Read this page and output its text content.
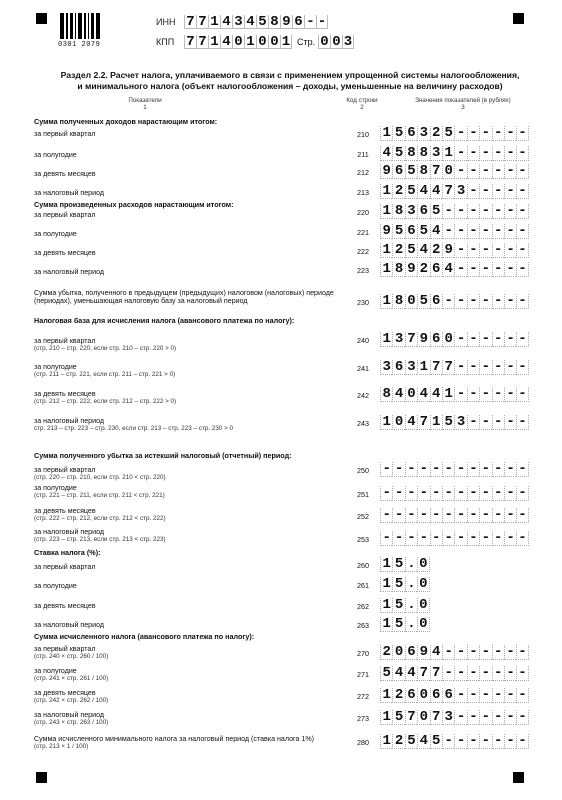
0301 2079
ИНН 7 7 1 4 3 4 5 8 9 6 - -
КПП 7 7 1 4 0 1 0 0 1 Стр. 0 0 3
Раздел 2.2. Расчет налога, уплачиваемого в связи с применением упрощенной системы налогообложения,
и минимального налога (объект налогообложения – доходы, уменьшенные на величину расходов)
Показатели
1
Код строки
2
Значения показателей (в рублях)
3
Сумма полученных доходов нарастающим итогом:
Сумма произведенных расходов нарастающим итогом:
Налоговая база для исчисления налога (авансового платежа по налогу):
Сумма полученного убытка за истекший налоговый (отчетный) период:
Ставка налога (%):
Сумма исчисленного налога (авансового платежа по налогу):
за первый квартал	210 1 5 6 3 2 5 - - - - - -
за полугодие	211 4 5 8 8 3 1 - - - - - -
за девять месяцев	212 9 6 5 8 7 0 - - - - - -
за налоговый период	213 1 2 5 4 4 7 3 - - - - -
за первый квартал	220 1 8 3 6 5 - - - - - - -
за полугодие	221 9 5 6 5 4 - - - - - - -
за девять месяцев	222 1 2 5 4 2 9 - - - - - -
за налоговый период	223 1 8 9 2 6 4 - - - - - -
Сумма убытка, полученного в предыдущем (предыдущих) налоговом (налоговых) периоде (периодах), уменьшающая налоговую базу за налоговый период	230 1 8 0 5 6 - - - - - - -
за первый квартал
(стр. 210 – стр. 220, если стр. 210 – стр. 220 > 0)
240 1 3 7 9 6 0 - - - - - -
за полугодие
(стр. 211 – стр. 221, если стр. 211 – стр. 221 > 0)
241 3 6 3 1 7 7 - - - - - -
за девять месяцев
(стр. 212 – стр. 222, если стр. 212 – стр. 222 > 0)
242 8 4 0 4 4 1 - - - - - -
за налоговый период
стр. 213 – стр. 223 – стр. 230, если стр. 213 – стр. 223 – стр. 230 > 0
243 1 0 4 7 1 5 3 - - - - -
за первый квартал
(стр. 220 – стр. 210, если стр. 210 < стр. 220)
250 - - - - - - - - - - - -
за полугодие
(стр. 221 – стр. 211, если стр. 211 < стр. 221)	251 - - - - - - - - - - - -
за девять месяцев
(стр. 222 – стр. 212, если стр. 212 < стр. 222)	252 - - - - - - - - - - - -
за налоговый период
(стр. 223 – стр. 213, если стр. 213 < стр. 223)	253 - - - - - - - - - - - -
за первый квартал	260 1 5 . 0
за полугодие	261 1 5 . 0
за девять месяцев	262 1 5 . 0
за налоговый период	263 1 5 . 0
за первый квартал
(стр. 240 × стр. 260 / 100)	270 2 0 6 9 4 - - - - - - -
за полугодие
(стр. 241 × стр. 261 / 100)	271 5 4 4 7 7 - - - - - - -
за девять месяцев
(стр. 242 × стр. 262 / 100)	272 1 2 6 0 6 6 - - - - - -
за налоговый период
(стр. 243 × стр. 263 / 100)	273 1 5 7 0 7 3 - - - - - -
Сумма исчисленного минимального налога за налоговый период (ставка налога 1%)
(стр. 213 × 1 / 100)	280 1 2 5 4 5 - - - - - - -
